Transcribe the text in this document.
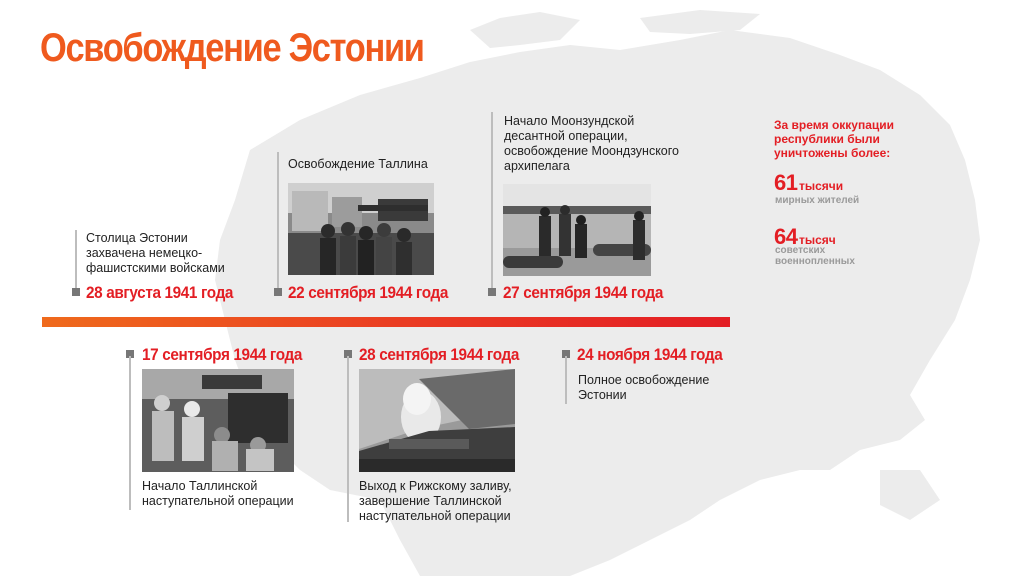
Освобождение Эстонии
Столица Эстонии
захвачена немецко-
фашистскими войсками
28 августа 1941 года
Освобождение Таллина
22 сентября 1944 года
Начало Моонзундской
десантной операции,
освобождение Моондзунского
архипелага
27 сентября 1944 года
17 сентября 1944 года
Начало Таллинской
наступательной операции
28 сентября 1944 года
Выход к Рижскому заливу,
завершение Таллинской
наступательной операции
24 ноября 1944 года
Полное освобождение
Эстонии
За время оккупации
республики были
уничтожены более:
61 тысячи
мирных жителей
64 тысяч
советских
военнопленных
